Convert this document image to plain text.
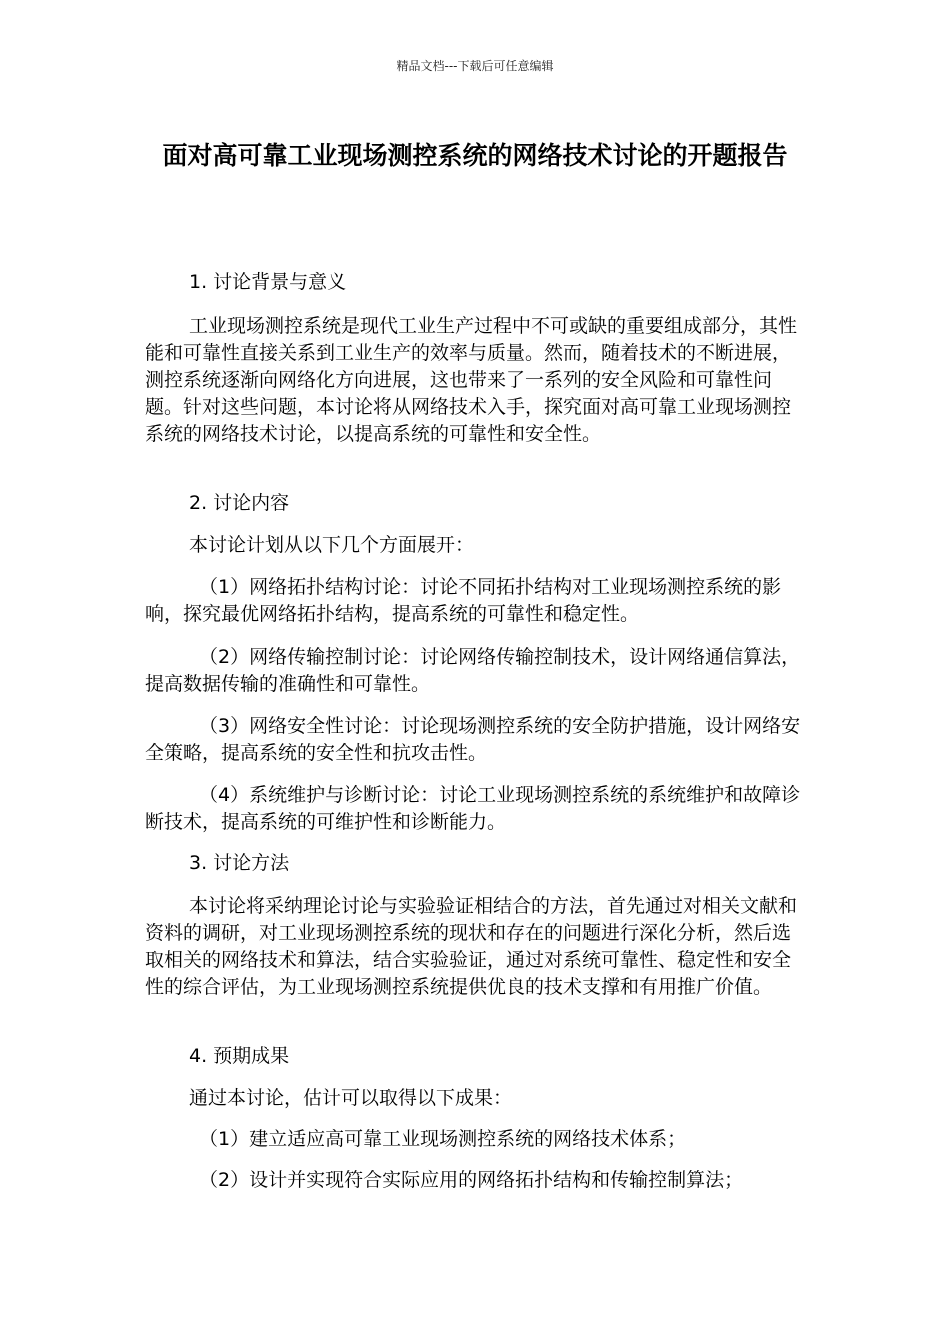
精品文档---下载后可任意编辑
面对高可靠工业现场测控系统的网络技术讨论的开题报告

1. 讨论背景与意义

工业现场测控系统是现代工业生产过程中不可或缺的重要组成部分，其性能和可靠性直接关系到工业生产的效率与质量。然而，随着技术的不断进展，测控系统逐渐向网络化方向进展，这也带来了一系列的安全风险和可靠性问题。针对这些问题，本讨论将从网络技术入手，探究面对高可靠工业现场测控系统的网络技术讨论，以提高系统的可靠性和安全性。

2. 讨论内容

本讨论计划从以下几个方面展开：

（1）网络拓扑结构讨论：讨论不同拓扑结构对工业现场测控系统的影响，探究最优网络拓扑结构，提高系统的可靠性和稳定性。

（2）网络传输控制讨论：讨论网络传输控制技术，设计网络通信算法，提高数据传输的准确性和可靠性。

（3）网络安全性讨论：讨论现场测控系统的安全防护措施，设计网络安全策略，提高系统的安全性和抗攻击性。

（4）系统维护与诊断讨论：讨论工业现场测控系统的系统维护和故障诊断技术，提高系统的可维护性和诊断能力。

3. 讨论方法

本讨论将采纳理论讨论与实验验证相结合的方法，首先通过对相关文献和资料的调研，对工业现场测控系统的现状和存在的问题进行深化分析，然后选取相关的网络技术和算法，结合实验验证，通过对系统可靠性、稳定性和安全性的综合评估，为工业现场测控系统提供优良的技术支撑和有用推广价值。

4. 预期成果

通过本讨论，估计可以取得以下成果：

（1）建立适应高可靠工业现场测控系统的网络技术体系；

（2）设计并实现符合实际应用的网络拓扑结构和传输控制算法；
